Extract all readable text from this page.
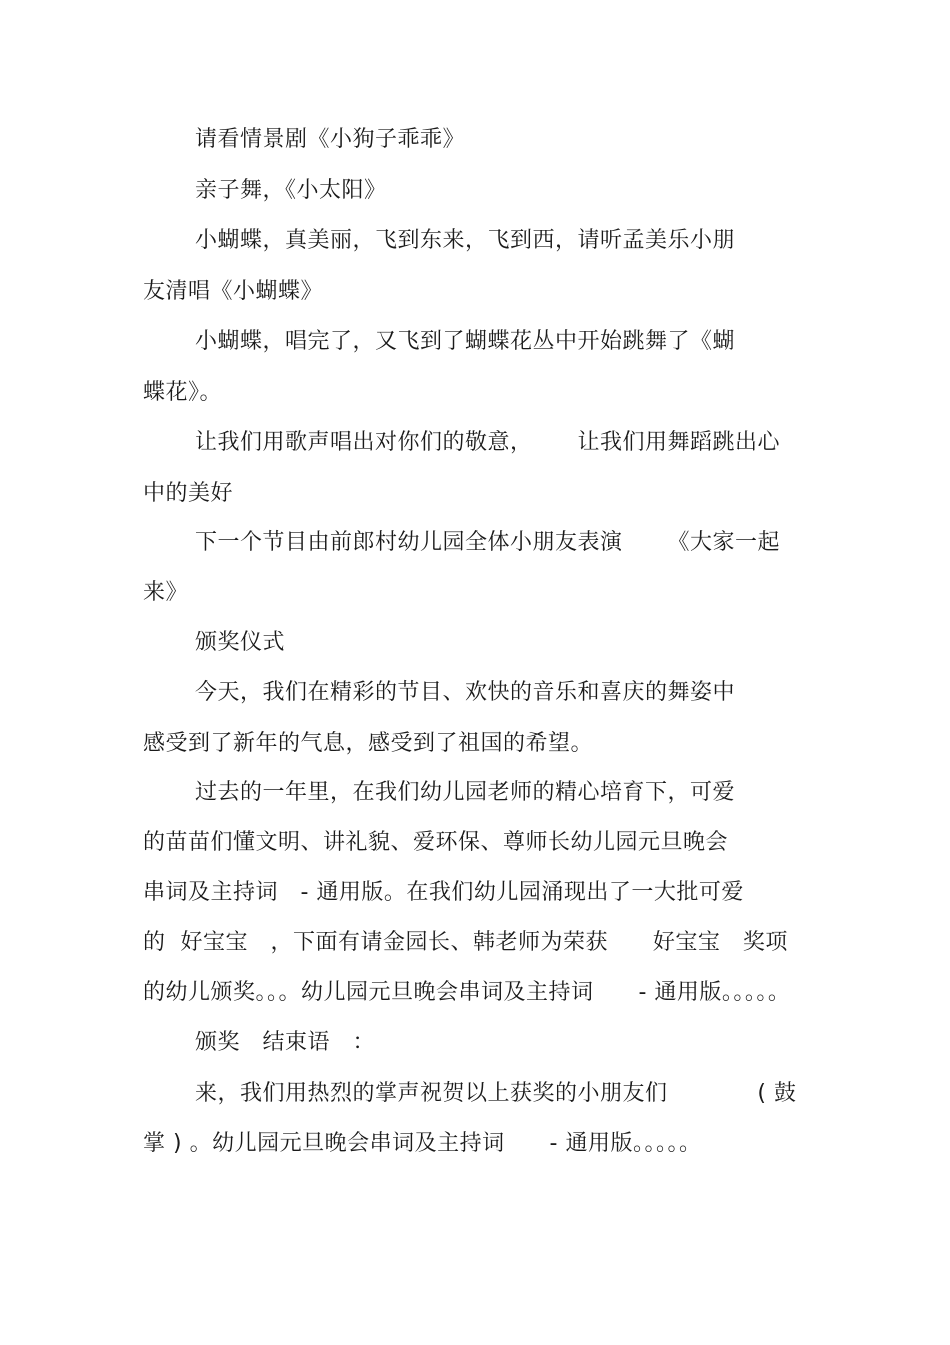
请看情景剧《小狗子乖乖》
亲子舞，《小太阳》
小蝴蝶，真美丽，飞到东来，飞到西，请听孟美乐小朋
友清唱《小蝴蝶》
小蝴蝶，唱完了，又飞到了蝴蝶花丛中开始跳舞了《蝴
蝶花》。
让我们用歌声唱出对你们的敬意，      让我们用舞蹈跳出心
中的美好
下一个节目由前郎村幼儿园全体小朋友表演      《大家一起
来》
颁奖仪式
今天，我们在精彩的节目、欢快的音乐和喜庆的舞姿中
感受到了新年的气息，感受到了祖国的希望。
过去的一年里，在我们幼儿园老师的精心培育下，可爱
的苗苗们懂文明、讲礼貌、爱环保、尊师长幼儿园元旦晚会
串词及主持词   - 通用版。在我们幼儿园涌现出了一大批可爱
的  好宝宝   ，下面有请金园长、韩老师为荣获      好宝宝   奖项
的幼儿颁奖。。。幼儿园元旦晚会串词及主持词      - 通用版。。。。。
颁奖   结束语   ：
来，我们用热烈的掌声祝贺以上获奖的小朋友们            ( 鼓
掌 ) 。幼儿园元旦晚会串词及主持词      - 通用版。。。。。
